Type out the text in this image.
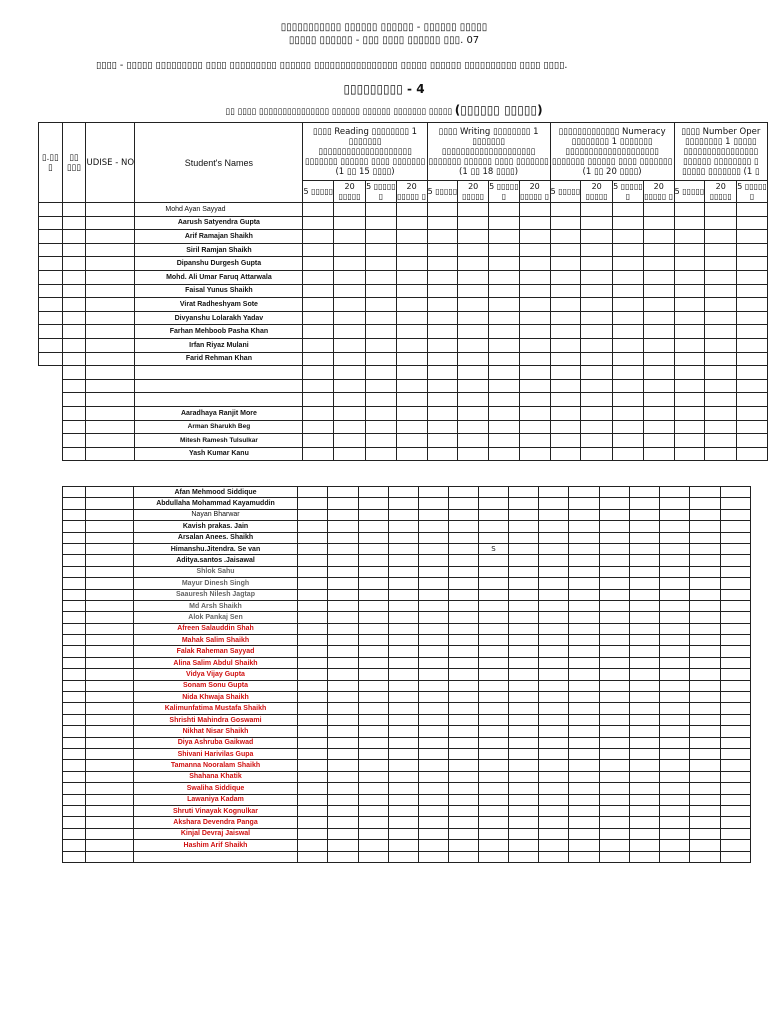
▯▯▯▯▯▯▯▯▯▯▯ ▯▯▯▯▯▯ ▯▯▯▯▯▯ - ▯▯▯▯▯▯ ▯▯▯▯▯
▯▯▯▯▯ ▯▯▯▯▯▯ - ▯▯▯ ▯▯▯▯ ▯▯▯▯▯▯ ▯▯▯. 07
▯▯▯▯ - ▯▯▯▯▯ ▯▯▯▯▯▯▯▯▯ ▯▯▯▯ ▯▯▯▯▯▯▯▯▯ ▯▯▯▯▯▯ ▯▯▯▯▯▯▯▯▯▯▯▯▯▯▯▯ ▯▯▯▯▯ ▯▯▯▯▯▯ ▯▯▯▯▯▯▯▯▯▯ ▯▯▯▯ ▯▯▯▯.
▯▯▯▯▯▯▯▯▯ - 4
▯▯ ▯▯▯▯ ▯▯▯▯▯▯▯▯▯▯▯▯▯▯▯ ▯▯▯▯▯▯ ▯▯▯▯▯▯ ▯▯▯▯▯▯▯ ▯▯▯▯▯ (▯▯▯▯▯▯ ▯▯▯▯▯)
▯.▯▯ ▯	▯▯ ▯▯▯	UDISE - NO	Student's Names	▯▯▯▯ Reading ▯▯▯▯▯▯▯▯ 1 ▯▯▯▯▯▯▯ ▯▯▯▯▯▯▯▯▯▯▯▯▯▯▯▯▯▯▯▯ ▯▯▯▯▯▯▯ ▯▯▯▯▯▯ ▯▯▯▯ ▯▯▯▯▯▯▯ (1 ▯▯ 15 ▯▯▯▯)				▯▯▯▯ Writing ▯▯▯▯▯▯▯▯ 1 ▯▯▯▯▯▯▯ ▯▯▯▯▯▯▯▯▯▯▯▯▯▯▯▯▯▯▯▯ ▯▯▯▯▯▯▯ ▯▯▯▯▯▯ ▯▯▯▯ ▯▯▯▯▯▯▯ (1 ▯▯ 18 ▯▯▯▯)				▯▯▯▯▯▯▯▯▯▯▯▯▯ Numeracy ▯▯▯▯▯▯▯▯ 1 ▯▯▯▯▯▯▯ ▯▯▯▯▯▯▯▯▯▯▯▯▯▯▯▯▯▯▯▯ ▯▯▯▯▯▯▯ ▯▯▯▯▯▯ ▯▯▯▯ ▯▯▯▯▯▯▯ (1 ▯▯ 20 ▯▯▯▯)				▯▯▯▯ Number Oper ▯▯▯▯▯▯▯▯ 1 ▯▯▯▯▯ ▯▯▯▯▯▯▯▯▯▯▯▯▯▯▯▯ ▯▯▯▯▯▯ ▯▯▯▯▯▯▯▯ ▯ ▯▯▯▯▯ ▯▯▯▯▯▯▯ (1 ▯		
				5 ▯▯▯▯▯	20 ▯▯▯▯▯	5 ▯▯▯▯▯ ▯	20 ▯▯▯▯▯ ▯	5 ▯▯▯▯▯	20 ▯▯▯▯▯	5 ▯▯▯▯▯ ▯	20 ▯▯▯▯▯ ▯	5 ▯▯▯▯▯	20 ▯▯▯▯▯	5 ▯▯▯▯▯ ▯	20 ▯▯▯▯▯ ▯	5 ▯▯▯▯▯	20 ▯▯▯▯▯	5 ▯▯▯▯▯ ▯
			Mohd Ayan Sayyad															
			Aarush Satyendra Gupta															
			Arif Ramajan Shaikh															
			Siril Ramjan Shaikh															
			Dipanshu Durgesh Gupta															
			Mohd. Ali Umar Faruq Attarwala															
			Faisal Yunus Shaikh															
			Virat Radheshyam Sote															
			Divyanshu Lolarakh Yadav															
			Farhan Mehboob Pasha Khan															
			Irfan Riyaz Mulani															
			Farid Rehman Khan															

			Aaradhaya Ranjit More															
			Arman Sharukh Beg															
			Mitesh Ramesh Tulsulkar															
			Yash Kumar Kanu															
		Afan Mehmood Siddique															
		Abdullaha Mohammad Kayamuddin															
		Nayan Bharwar															
		Kavish prakas. Jain															
		Arsalan Anees. Shaikh															
		Himanshu.Jitendra. Se van							S								
		Aditya.santos .Jaisawal															
		Shlok Sahu															
		Mayur Dinesh Singh															
		Saauresh Nilesh Jagtap															
		Md Arsh Shaikh															
		Alok Pankaj Sen															
		Afreen Salauddin Shah															
		Mahak Salim Shaikh															
		Falak Raheman Sayyad															
		Alina Salim Abdul Shaikh															
		Vidya Vijay Gupta															
		Sonam Sonu Gupta															
		Nida Khwaja Shaikh															
		Kalimunfatima Mustafa Shaikh															
		Shrishti Mahindra Goswami															
		Nikhat Nisar Shaikh															
		Diya Ashruba Gaikwad															
		Shivani Harivilas Gupa															
		Tamanna Nooralam Shaikh															
		Shahana Khatik															
		Swaliha Siddique															
		Lawaniya Kadam															
		Shruti Vinayak Kognulkar															
		Akshara Devendra Panga															
		Kinjal Devraj Jaiswal															
		Hashim Arif Shaikh															
